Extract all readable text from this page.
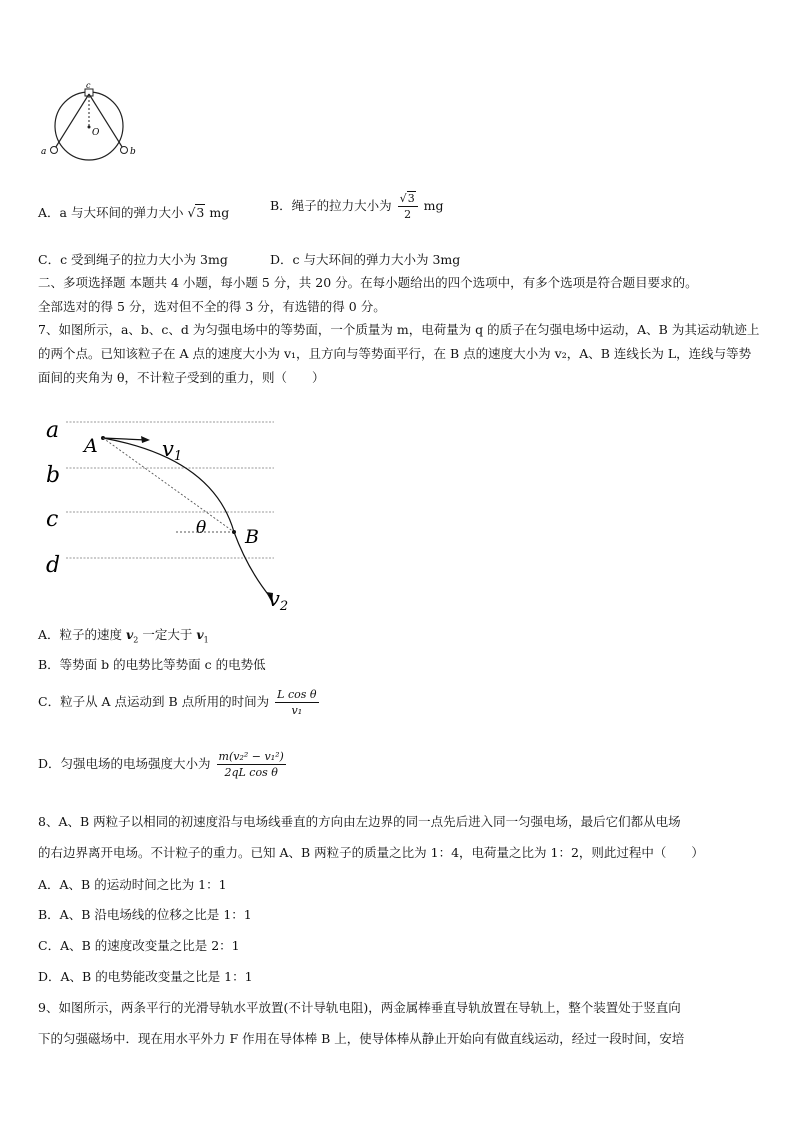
c
O
a	b
A．a 与大环间的弹力大小 √3 mg	B．绳子的拉力大小为 $\frac{√3}{2}$ mg
C．c 受到绳子的拉力大小为 3mg	D．c 与大环间的弹力大小为 3mg
二、多项选择题 本题共 4 小题，每小题 5 分，共 20 分。在每小题给出的四个选项中，有多个选项是符合题目要求的。
全部选对的得 5 分，选对但不全的得 3 分，有选错的得 0 分。
7、如图所示，a、b、c、d 为匀强电场中的等势面，一个质量为 m，电荷量为 q 的质子在匀强电场中运动，A、B 为其运动轨迹上的两个点。已知该粒子在 A 点的速度大小为 v₁，且方向与等势面平行，在 B 点的速度大小为 v₂，A、B 连线长为 L，连线与等势面间的夹角为 θ，不计粒子受到的重力，则（　　）
a
b
c
d
A	v1
θ B
v2
A．粒子的速度 $v_2$ 一定大于 $v_1$
B．等势面 b 的电势比等势面 c 的电势低
C．粒子从 A 点运动到 B 点所用的时间为 $\frac{\text{L cos θ}}{\text{v₁}}$
D．匀强电场的电场强度大小为 $\frac{\text{m(v₂² − v₁²)}}{\text{2qL cos θ}}$
8、A、B 两粒子以相同的初速度沿与电场线垂直的方向由左边界的同一点先后进入同一匀强电场，最后它们都从电场
的右边界离开电场。不计粒子的重力。已知 A、B 两粒子的质量之比为 1：4，电荷量之比为 1：2，则此过程中（　　）
A．A、B 的运动时间之比为 1：1
B．A、B 沿电场线的位移之比是 1：1
C．A、B 的速度改变量之比是 2：1
D．A、B 的电势能改变量之比是 1：1
9、如图所示，两条平行的光滑导轨水平放置(不计导轨电阻)，两金属棒垂直导轨放置在导轨上，整个装置处于竖直向
下的匀强磁场中．现在用水平外力 F 作用在导体棒 B 上，使导体棒从静止开始向有做直线运动，经过一段时间，安培
